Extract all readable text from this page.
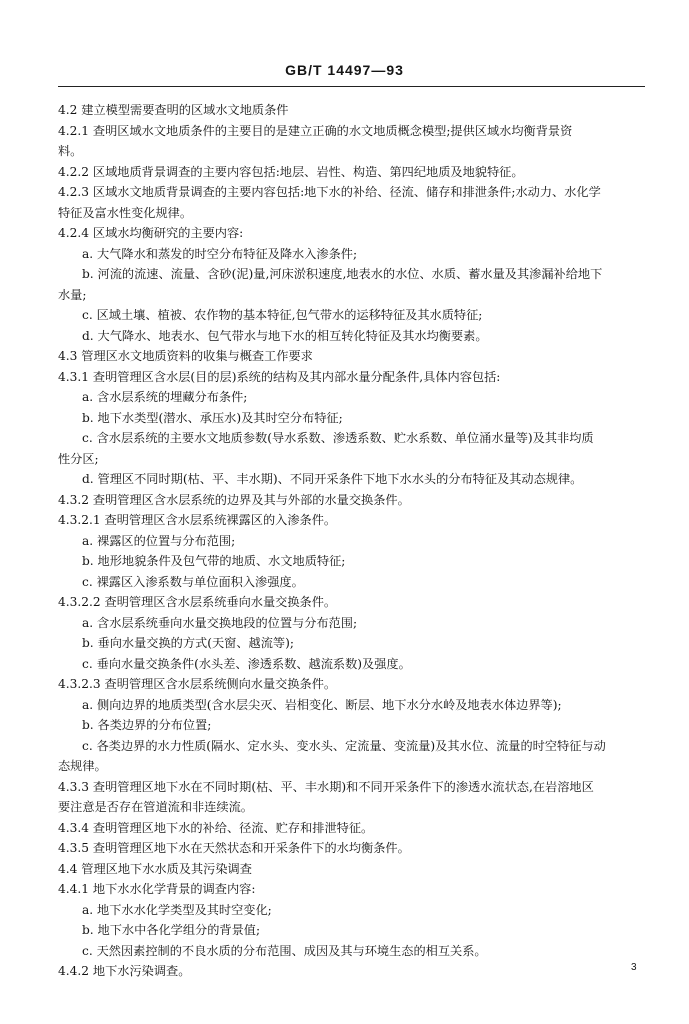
GB/T 14497—93
4.2 建立模型需要查明的区域水文地质条件
4.2.1 查明区域水文地质条件的主要目的是建立正确的水文地质概念模型;提供区域水均衡背景资
料。
4.2.2 区域地质背景调查的主要内容包括:地层、岩性、构造、第四纪地质及地貌特征。
4.2.3 区域水文地质背景调查的主要内容包括:地下水的补给、径流、储存和排泄条件;水动力、水化学
特征及富水性变化规律。
4.2.4 区域水均衡研究的主要内容:
a. 大气降水和蒸发的时空分布特征及降水入渗条件;
b. 河流的流速、流量、含砂(泥)量,河床淤积速度,地表水的水位、水质、蓄水量及其渗漏补给地下
水量;
c. 区域土壤、植被、农作物的基本特征,包气带水的运移特征及其水质特征;
d. 大气降水、地表水、包气带水与地下水的相互转化特征及其水均衡要素。
4.3 管理区水文地质资料的收集与概查工作要求
4.3.1 查明管理区含水层(目的层)系统的结构及其内部水量分配条件,具体内容包括:
a. 含水层系统的埋藏分布条件;
b. 地下水类型(潜水、承压水)及其时空分布特征;
c. 含水层系统的主要水文地质参数(导水系数、渗透系数、贮水系数、单位涌水量等)及其非均质
性分区;
d. 管理区不同时期(枯、平、丰水期)、不同开采条件下地下水水头的分布特征及其动态规律。
4.3.2 查明管理区含水层系统的边界及其与外部的水量交换条件。
4.3.2.1 查明管理区含水层系统裸露区的入渗条件。
a. 裸露区的位置与分布范围;
b. 地形地貌条件及包气带的地质、水文地质特征;
c. 裸露区入渗系数与单位面积入渗强度。
4.3.2.2 查明管理区含水层系统垂向水量交换条件。
a. 含水层系统垂向水量交换地段的位置与分布范围;
b. 垂向水量交换的方式(天窗、越流等);
c. 垂向水量交换条件(水头差、渗透系数、越流系数)及强度。
4.3.2.3 查明管理区含水层系统侧向水量交换条件。
a. 侧向边界的地质类型(含水层尖灭、岩相变化、断层、地下水分水岭及地表水体边界等);
b. 各类边界的分布位置;
c. 各类边界的水力性质(隔水、定水头、变水头、定流量、变流量)及其水位、流量的时空特征与动
态规律。
4.3.3 查明管理区地下水在不同时期(枯、平、丰水期)和不同开采条件下的渗透水流状态,在岩溶地区
要注意是否存在管道流和非连续流。
4.3.4 查明管理区地下水的补给、径流、贮存和排泄特征。
4.3.5 查明管理区地下水在天然状态和开采条件下的水均衡条件。
4.4 管理区地下水水质及其污染调查
4.4.1 地下水水化学背景的调查内容:
a. 地下水水化学类型及其时空变化;
b. 地下水中各化学组分的背景值;
c. 天然因素控制的不良水质的分布范围、成因及其与环境生态的相互关系。
4.4.2 地下水污染调查。	3
